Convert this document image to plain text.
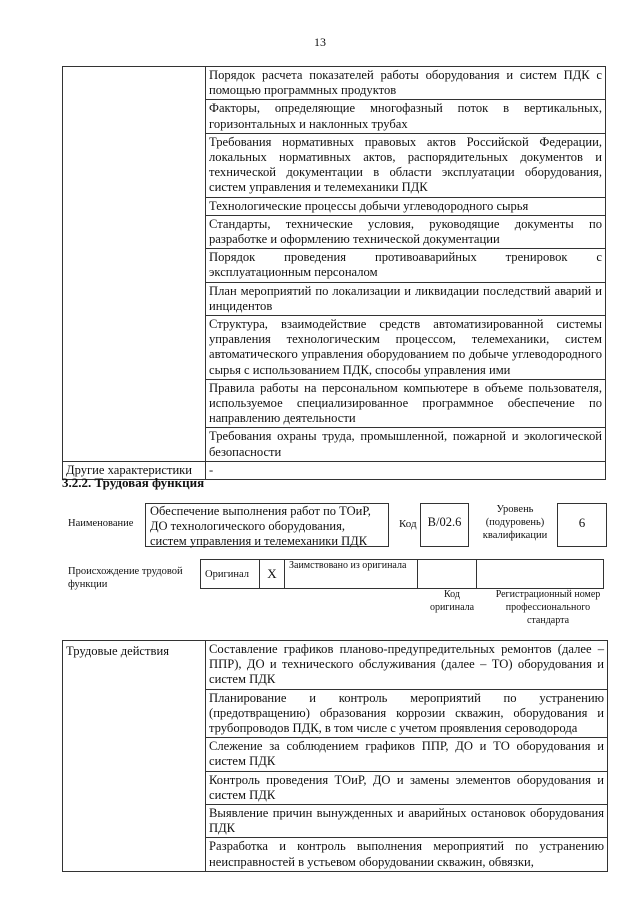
13
	Порядок расчета показателей работы оборудования и систем ПДК с помощью программных продуктов
	Факторы, определяющие многофазный поток в вертикальных, горизонтальных и наклонных трубах
	Требования нормативных правовых актов Российской Федерации, локальных нормативных актов, распорядительных документов и технической документации в области эксплуатации оборудования, систем управления и телемеханики ПДК
	Технологические процессы добычи углеводородного сырья
	Стандарты, технические условия, руководящие документы по разработке и оформлению технической документации
	Порядок проведения противоаварийных тренировок с эксплуатационным персоналом
	План мероприятий по локализации и ликвидации последствий аварий и инцидентов
	Структура, взаимодействие средств автоматизированной системы управления технологическим процессом, телемеханики, систем автоматического управления оборудованием по добыче углеводородного сырья с использованием ПДК, способы управления ими
	Правила работы на персональном компьютере в объеме пользователя, используемое специализированное программное обеспечение по направлению деятельности
	Требования охраны труда, промышленной, пожарной и экологической безопасности
Другие характеристики	-
3.2.2. Трудовая функция
Наименование
Обеспечение выполнения работ по ТОиР, ДО технологического оборудования, систем управления и телемеханики ПДК
Код В/02.6
Уровень (подуровень) квалификации
6
Происхождение трудовой функции
Оригинал	X	Заимствовано из оригинала		
Код оригинала
Регистрационный номер профессионального стандарта
Трудовые действия	Составление графиков планово-предупредительных ремонтов (далее – ППР), ДО и технического обслуживания (далее – ТО) оборудования и систем ПДК
Планирование и контроль мероприятий по устранению (предотвращению) образования коррозии скважин, оборудования и трубопроводов ПДК, в том числе с учетом проявления сероводорода
Слежение за соблюдением графиков ППР, ДО и ТО оборудования и систем ПДК
Контроль проведения ТОиР, ДО и замены элементов оборудования и систем ПДК
Выявление причин вынужденных и аварийных остановок оборудования ПДК
Разработка и контроль выполнения мероприятий по устранению неисправностей в устьевом оборудовании скважин, обвязки,
